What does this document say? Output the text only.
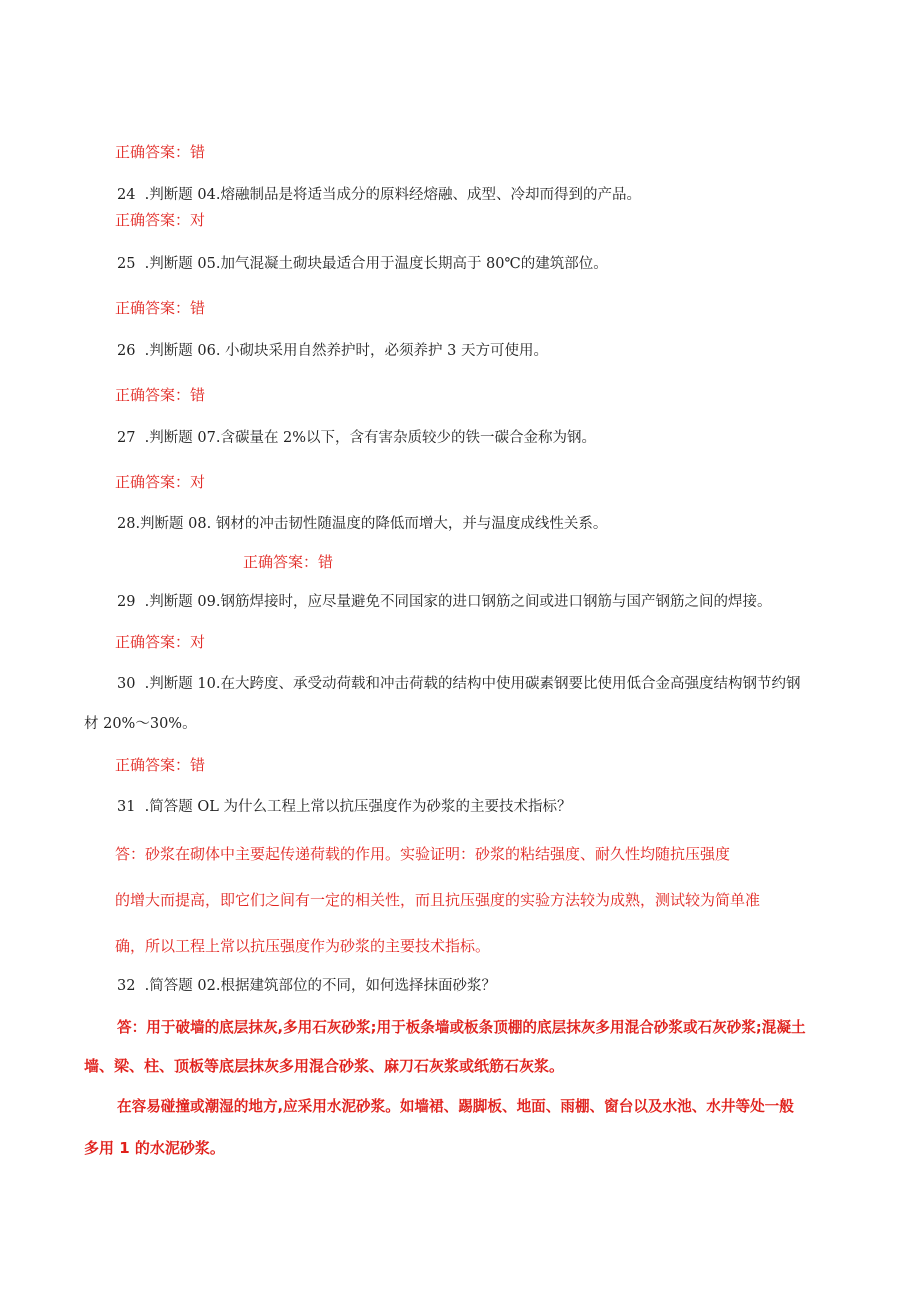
正确答案：错
24  .判断题 04.熔融制品是将适当成分的原料经熔融、成型、冷却而得到的产品。
正确答案：对
25  .判断题 05.加气混凝土砌块最适合用于温度长期高于 80℃的建筑部位。
正确答案：错
26  .判断题 06. 小砌块采用自然养护时，必须养护 3 天方可使用。
正确答案：错
27  .判断题 07.含碳量在 2%以下，含有害杂质较少的铁一碳合金称为钢。
正确答案：对
28.判断题 08. 钢材的冲击韧性随温度的降低而增大，并与温度成线性关系。
正确答案：错
29  .判断题 09.钢筋焊接时，应尽量避免不同国家的进口钢筋之间或进口钢筋与国产钢筋之间的焊接。
正确答案：对
30  .判断题 10.在大跨度、承受动荷载和冲击荷载的结构中使用碳素钢要比使用低合金高强度结构钢节约钢
材 20%～30%。
正确答案：错
31  .简答题 OL 为什么工程上常以抗压强度作为砂浆的主要技术指标？
答：砂浆在砌体中主要起传递荷载的作用。实验证明：砂浆的粘结强度、耐久性均随抗压强度
的增大而提高，即它们之间有一定的相关性，而且抗压强度的实验方法较为成熟，测试较为简单准
确，所以工程上常以抗压强度作为砂浆的主要技术指标。
32  .简答题 02.根据建筑部位的不同，如何选择抹面砂浆？
答：用于破墙的底层抹灰,多用石灰砂浆;用于板条墙或板条顶棚的底层抹灰多用混合砂浆或石灰砂浆;混凝土
墙、梁、柱、顶板等底层抹灰多用混合砂浆、麻刀石灰浆或纸筋石灰浆。
在容易碰撞或潮湿的地方,应采用水泥砂浆。如墙裙、踢脚板、地面、雨棚、窗台以及水池、水井等处一般
多用 1 的水泥砂浆。
